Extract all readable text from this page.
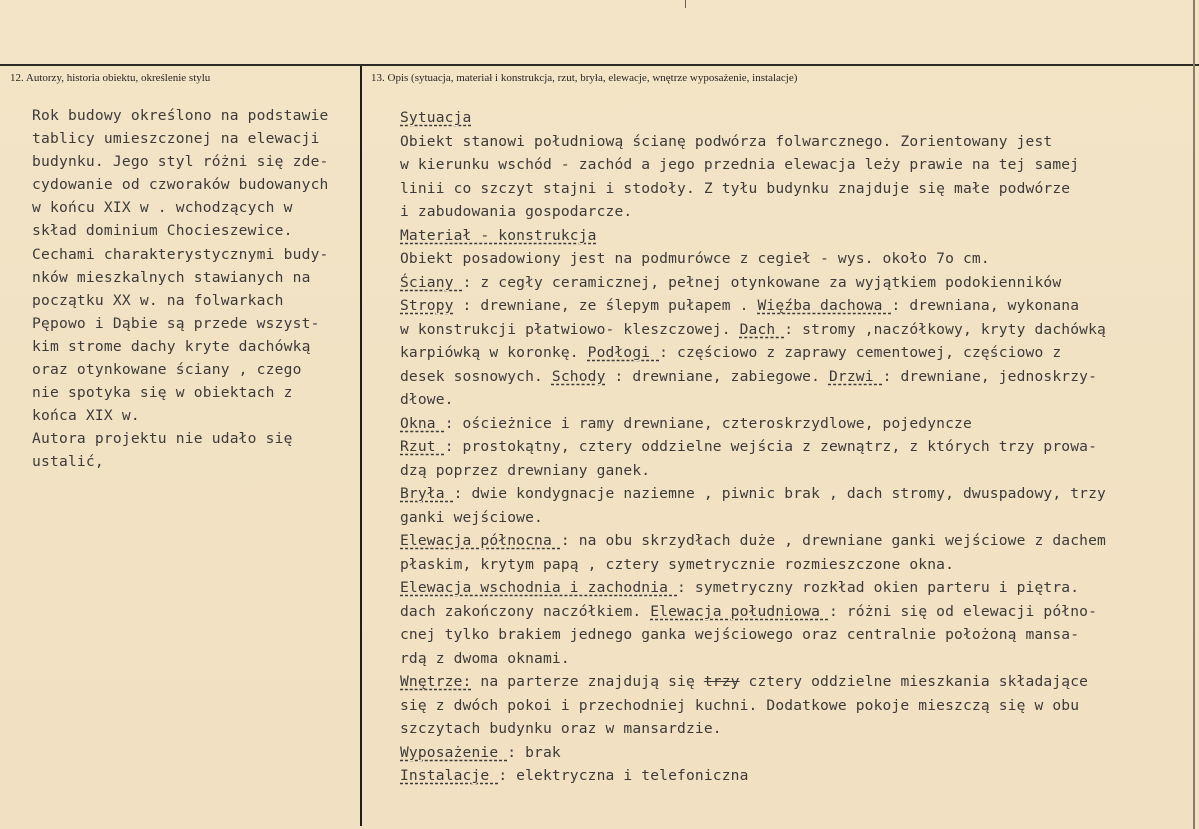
12. Autorzy, historia obiektu, określenie stylu	13. Opis (sytuacja, materiał i konstrukcja, rzut, bryła, elewacje, wnętrze wyposażenie, instalacje)
Rok budowy określono na podstawie
tablicy umieszczonej na elewacji
budynku. Jego styl różni się zde-
cydowanie od czworaków budowanych
w końcu XIX w . wchodzących w
skład dominium Chocieszewice.
Cechami charakterystycznymi budy-
nków mieszkalnych stawianych na
początku XX w. na folwarkach
Pępowo i Dąbie są przede wszyst-
kim strome dachy kryte dachówką
oraz otynkowane ściany , czego
nie spotyka się w obiektach z
końca XIX w.
Autora projektu nie udało się
ustalić,
Sytuacja
Obiekt stanowi południową ścianę podwórza folwarcznego. Zorientowany jest
w kierunku wschód - zachód a jego przednia elewacja leży prawie na tej samej
linii co szczyt stajni i stodoły. Z tyłu budynku znajduje się małe podwórze
i zabudowania gospodarcze.
Materiał - konstrukcja
Obiekt posadowiony jest na podmurówce z cegieł - wys. około 7o cm.
Ściany : z cegły ceramicznej, pełnej otynkowane za wyjątkiem podokienników
Stropy : drewniane, ze ślepym pułapem . Więźba dachowa : drewniana, wykonana
w konstrukcji płatwiowo- kleszczowej. Dach : stromy ,naczółkowy, kryty dachówką
karpiówką w koronkę. Podłogi : częściowo z zaprawy cementowej, częściowo z
desek sosnowych. Schody : drewniane, zabiegowe. Drzwi : drewniane, jednoskrzy-
dłowe.
Okna : ościeżnice i ramy drewniane, czteroskrzydlowe, pojedyncze
Rzut : prostokątny, cztery oddzielne wejścia z zewnątrz, z których trzy prowa-
dzą poprzez drewniany ganek.
Bryła : dwie kondygnacje naziemne , piwnic brak , dach stromy, dwuspadowy, trzy
ganki wejściowe.
Elewacja północna : na obu skrzydłach duże , drewniane ganki wejściowe z dachem
płaskim, krytym papą , cztery symetrycznie rozmieszczone okna.
Elewacja wschodnia i zachodnia : symetryczny rozkład okien parteru i piętra.
dach zakończony naczółkiem. Elewacja południowa : różni się od elewacji półno-
cnej tylko brakiem jednego ganka wejściowego oraz centralnie położoną mansa-
rdą z dwoma oknami.
Wnętrze: na parterze znajdują się trzy cztery oddzielne mieszkania składające
się z dwóch pokoi i przechodniej kuchni. Dodatkowe pokoje mieszczą się w obu
szczytach budynku oraz w mansardzie.
Wyposażenie : brak
Instalacje : elektryczna i telefoniczna
